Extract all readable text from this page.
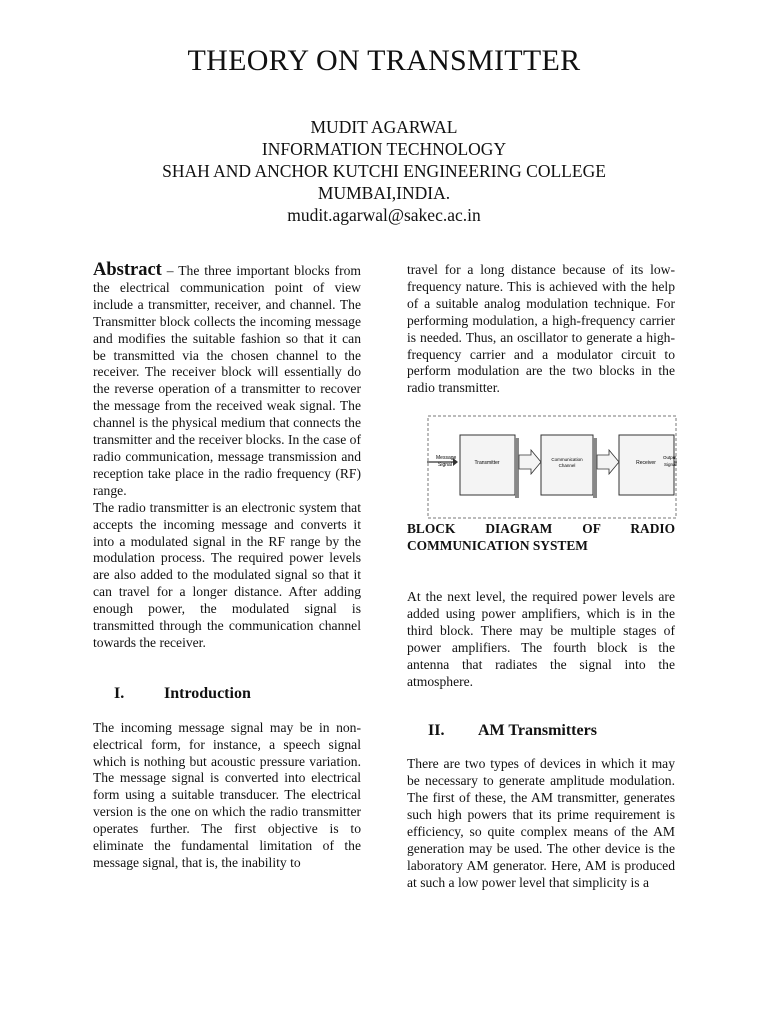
THEORY ON TRANSMITTER
MUDIT AGARWAL
INFORMATION TECHNOLOGY
SHAH AND ANCHOR KUTCHI ENGINEERING COLLEGE
MUMBAI,INDIA.
mudit.agarwal@sakec.ac.in

Abstract – The three important blocks from the electrical communication point of view include a transmitter, receiver, and channel. The Transmitter block collects the incoming message and modifies the suitable fashion so that it can be transmitted via the chosen channel to the receiver. The receiver block will essentially do the reverse operation of a transmitter to recover the message from the received weak signal. The channel is the physical medium that connects the transmitter and the receiver blocks. In the case of radio communication, message transmission and reception take place in the radio frequency (RF) range.

The radio transmitter is an electronic system that accepts the incoming message and converts it into a modulated signal in the RF range by the modulation process. The required power levels are also added to the modulated signal so that it can travel for a longer distance. After adding enough power, the modulated signal is transmitted through the communication channel towards the receiver.

I.	Introduction

The incoming message signal may be in non-electrical form, for instance, a speech signal which is nothing but acoustic pressure variation. The message signal is converted into electrical form using a suitable transducer. The electrical version is the one on which the radio transmitter operates further. The first objective is to eliminate the fundamental limitation of the message signal, that is, the inability to

travel for a long distance because of its low-frequency nature. This is achieved with the help of a suitable analog modulation technique. For performing modulation, a high-frequency carrier is needed. Thus, an oscillator to generate a high-frequency carrier and a modulator circuit to perform modulation are the two blocks in the radio transmitter.

Message
Signal	Transmitter
Communication
Channel	Receiver
Output
Signal
BLOCK DIAGRAM OF RADIO
COMMUNICATION SYSTEM

At the next level, the required power levels are added using power amplifiers, which is in the third block. There may be multiple stages of power amplifiers. The fourth block is the antenna that radiates the signal into the atmosphere.

II.	AM Transmitters

There are two types of devices in which it may be necessary to generate amplitude modulation. The first of these, the AM transmitter, generates such high powers that its prime requirement is efficiency, so quite complex means of the AM generation may be used. The other device is the laboratory AM generator. Here, AM is produced at such a low power level that simplicity is a
